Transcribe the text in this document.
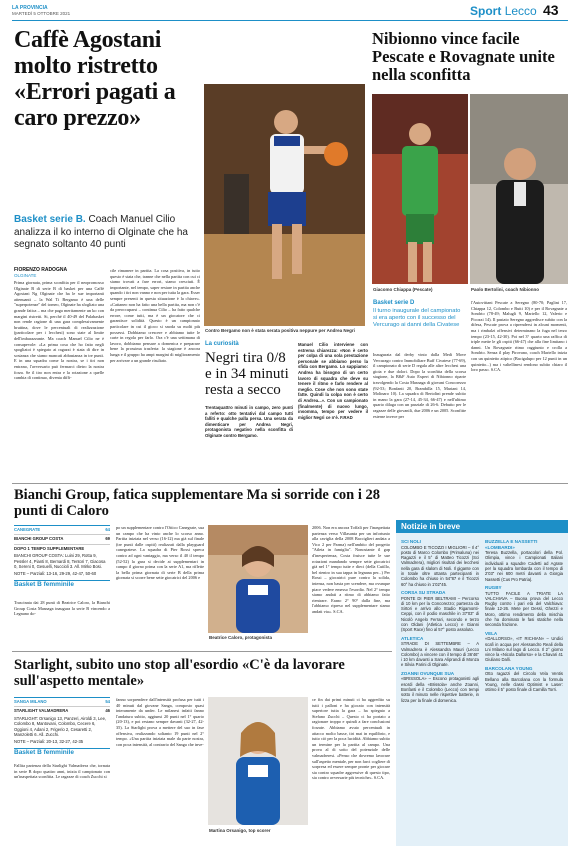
LA PROVINCIA
MARTEDÌ 5 OTTOBRE 2021	Sport Lecco 43
Caffè Agostani molto ristretto «Errori pagati a caro prezzo»
Basket serie B. Coach Manuel Cilio analizza il ko interno di Olginate che ha segnato soltanto 40 punti
FIORENZO RADOGNA
OLGINATE
Prima giornata, prima sconfitta per il neopromosso Olginate B di serie B di basket per una Caffè Agostani Ng Olginate che ha le sue importanti attenuanti – la Wal Ti Bergamo è una delle "superpotenze" del torneo, Olginate ha sfogliato una grande fatica – ma che paga meritamente un ko con margini ristretti. Si, perché il 40-49 del Palabasket non rende ragione di una gara complessivamente bruttina, dove le percentuali di realizzazione (particolare per i lecchesi) sono state al limite dell'imbarazzante. Ma coach Manuel Cilio ne è consapevole: «La prima cosa che ho fatto negli spogliatoi è spiegato ai ragazzi è stata di dire in sostanza che siamo mancati abbastanza in tre punti. E in una squadra come la nostra, se i tiri non entrano, l'avversario può fermarci dietro la nostra forza. Se il tiro non entra e la rotazione a quelle cambia di continuo, diventa diffi-
cile rimanere in partita. La cosa positiva, in tutto questo è stata che, tranne che nella partita con cui ci siamo trovati a fare errori, siamo cresciuti. È importante, nel tempo, saper restare in partita anche quando i tiri non vanno e non per tutta la gara. Esser sempre presenti in questa situazione è la chiave». «Cattaneo non ha fatto una bella partita, ma non c'è da preoccuparsi – continua Cilio – ha fatto qualche errore, come tutti, ma è un giocatore che ci garantisce solidità. Questo è un campionato particolare in cui il gioco si snoda su molti più possessi. Dobbiamo crescere e abbiamo tutte le carte in regola per farlo. Ora c'è una settimana di lavoro, dobbiamo pensare a domenica e preparare bene la prossima trasferta: la stagione è ancora lunga e il gruppo ha ampi margini di miglioramento per arrivare a un grande risultato.
Contro Bergamo non è stata serata positiva neppure per Andrea Negri
La curiosità
Negri tira 0/8 e in 34 minuti resta a secco
Trentaquattro minuti in campo, zero punti a referto: otto tentativi dal campo tutti falliti e qualche palla persa. Una serata da dimenticare per Andrea Negri, protagonista negativo nella sconfitta di Olginate contro Bergamo.
Manuel Cilio interviene con estrema chiarezza: «Non è certo per colpa di una sola prestazione personale se abbiamo perso la sfida con Bergamo. Lo sappiamo: Andrea ha bisogno di un certo lavoro di squadra che deve su tenere il ritmo e farlo rendere al meglio. Cose che non sono state fatte. Quindi la colpa non è certo di Andrea...». Con un campionato (finalmente) di nuovo lungo, insomma, tempo per vedere il miglior Negri ce n'è. F.RAD
Nibionno vince facile Pescate e Rovagnate unite nella sconfitta
Giacomo Chiappa (Pescate)	Paolo Bertolini, coach Nibionno
Basket serie D
Il turno inaugurale del campionato si era aperto con il successo del Vercurago ai danni della Civatese
Inaugurata dal derby vinto dalla Medi Move Vercurago contro Immobiliare Buff Civatese (77-69), il campionato di serie D regala alle altre lecchesi una gioia e due dolori. Dopo la sconfitta della scorsa stagione, la B&F Auto Expert di Nibionno riparte travolgendo la Costa Masnaga di giovani Concorezzo (92-53; Bonfanti 20, Brambilla 15, Mariani 14, Molinaro 10). La squadra di Bertolini prende subito in mano la gara (27-14, 45-34, 66-47) e nell'ultimo quarto dilaga con un parziale di 26-6. Debutto per le ragazze delle giovanili, due 2006 e un 2005. Sconfitte esterne invece per
l'Autovittani Pescate a Seregno (80-70; Paglini 17, Chiappa 12, Colombo e Butti 10) e per il Rovagnate a Sondrio (78-49; Malugli 9, Mariello 12, Valerio e Picozzi 14). Il pastato Seregno aggredisce subito con la difesa, Pescate prova a riprendersi in alcuni momenti, ma i rimbalzi offensivi determinano la fuga nel terzo tempo (23-15, 42-30). Poi nel 3° quarto una raffica di triple mette le gli ospiti (66-47) che alla fine limitano i danni. Un Rovagnate ritmo raggiunto e crolla a Sondrio. Senza il play Pirovano, coach Mariello inizia con un quintetto atipico (Bacigalupo per 12 punti in un quintetto...) ma i valtellinesi rendono subito chiaro il loro passo. S.CA.
Bianchi Group, fatica supplementare Ma si sorride con i 28 punti di Caloro
CANEGRATE	64
BIANCHI GROUP COSTA	69
DOPO 1 TEMPO SUPPLEMENTARE
BIANCHI GROUP COSTA: Luini 29, Rotta 9, Pessler 4, Pianti 8, Bernardi 8, Tentori 7, Giacosa 0, Sereni 0, Gesuelli, Nuccioli 3. All. Mirko Bosi.
NOTE – Parziali: 13-16, 29-29, 42-47, 50-60
Basket B femminile
Trascinata dai 28 punti di Beatrice Caloro, la Bianchi Group Costa Masnaga inaugura la serie B vincendo a Legnano do-
po un supplementare contro l'Ottico Canegrate, sua un campo che ha vinto anche lo scorso anno. Partita iniziata nel verso (16-12) ma già sul finale (tre punti dalle ospiti) realizzati dalla playguard canegratese. La squadra di Pier Rossi spreca contro ad ogni vantaggio, ma verso il 40 il tempo (52-52) la gara si decide ai supplementari in campo il giorno prima con la serie A1, ma riflette la bella prima giornata di serie B della prima giornata si scorre bene sette giocatrici del 2006 e
Beatrice Caloro, protagonista
2006. Non era ancora Toffali per l'inaspettata partenza verso Villasanta per un infortunio alla caviglia della 2008 Bacciglieri andata a Vico 2 per Parma) nell'ambito del progetto "Atleta in famiglia". Nonostante il gap d'inesperienza, Costa fruisce tutte le sue rotazioni mandando sempre sette giocatrici già nel 1° tempo tutte e dieci (della Cutillo, bel rientro in sua tappa in legnana per...) Per Rossi – giocatrici pure contro la solida, intensa, non basta per scendere, ma ovunque piace vedere emesso l'esordio. Nel 2° tempo siamo andati a ritmo di abbiamo fatto rientrare. Erano 2° 90° dalla fine, ma l'abbiamo ripreso nel supplementare siamo andati via». S.CA.
Starlight, subito uno stop all'esordio «C'è da lavorare sull'aspetto mentale»
SANGA MILANO	54
STARLIGHT VALMADRERA	46
STARLIGHT: Orsanigo 13, Panzeri, Airoldi 3, Lee, Colombo 8, Mantovani, Colombo, Cecere 6, Oggioni 4, Adani 2, Frigerio 2, Cesaretti 2, Manzoletti 6. All. Zucchi.
NOTE – Parziali: 20-13, 32-27, 42-35
Basket B femminile
Fallita partenza della Starlight Valmadrera che, tornata in serie B dopo quattro anni, inizia il campionato con un'inaspettata sconfitta. Le ragazze di coach Zucchi si
fanno sorprendere dall'intensità profusa per tutti i 40 minuti dal giovane Sanga, composto quasi interamente da under. Le milanesi infatti fanno l'andatura subito, aggiunsi 20 punti nel 1° quarto (20-13), e poi restano sempre davanti (32-27, 42-35). La Starlight prova a mettere del suo in fase offensiva, realizzando soltanto 19 punti nel 2° tempo. «Una partita iniziata male da parte nostra, con poca intensità, al contrario del Sanga che inve-
Martina Orsanigo, top scorer
ce fin dai primi minuti ci ha aggredito su tutti i palloni e ha giocato con intensità superiore tutta la gara – ha spiegato a Stefano Zucchi – Questo ci ha portato a ragionare troppo e quindi a fare conclusioni forzate. Abbiamo avuto percentuali in attacco molto basse, tiri mai in equilibrio, e tutto ciò per la poca lucidità. Abbiamo subito un termine per la partita al campo. Una prova al di sotto del potenziale delle valmadreresi. «Penso che dovremo lavorare sull'aspetto mentale, per non farci cogliere di sorpresa ed essere sempre pronte per giocare sia contro squadre aggressive di questo tipo, sia contro avversarie più tecniche». S.CA.
Notizie in breve
SCI NOLI
COLOMBO E TICOZZI I MIGLIORI – Il 4° posto di Marco Colombo (Primaluna) nei Ragazzi e il 5° di Matteo Ticozzi (Sci Valmadrera), migliori risultati dei lecchesi nella gara di slalom di Noli. Il gigante con in totale oltre ottanta partecipanti in Colombo ha chiuso in 54"87 e il Ticozzi 60° ha chiuso in 1'02"45.
CORSA SU STRADA
PONTE DI PIER BELTRAMI – Percorso di 10 km per la Concorezzo; partenza da Sirtori e arrivo allo Stadio Rigamonti-Ceppi, con il podio maschile in 37'03" di Nicolò Angelo Ferrari, secondo e terzo con Oldani (Atletica Lecco) e Gianni (Sport Race) fino al 57° posto assoluto.
ATLETICA
STRADE DI SETTEMBRE – A Valmadrera è Alessandra Mauri (Lecco Colombo) a vincere con il tempo di 36'46" i 10 km davanti a Sara Aliprandi di Monza e Silvia Parini di Olginate.
ZOANNI OVUNQUE SUA
«BRISSOLA» – Escono protagonisti agli esordi della «Brissola» anche Zoanni, Bonfanti e il Colombo (Lecco) con tempi sotto il minuto nelle rispettive batterie, in lizza per la finale di domenica.
BUZZELLA E NASSETTI «LOMBARDI»
Teresa Buzzella, portacolori della Pol. Olimpia, vince i Campionati Italiani individuali a squadre Cadetti ad Agrate per la squadra lombarda con il tempo di 2'03" nei 600 metri davanti a Giorgia Nassetti (Cus Pro Patria).
RUGBY
TUTTO FACILE A TRIATE LA VALCHIAVA – Buona prova del Lecco Rugby contro i pari età del Valchiava: finale 12-26. Mete per Dessì, Ghezzi e Moro, ottimo rendimento della mischia che ha dominato le fasi statiche nella seconda frazione.
VELA
«DALLORSO», «IT RICHIAN» – Undici scafi in acqua per Alessandro Reali della Lni Milano sul lago di Lecco. Il 2° giorno vince la «Nicola Dallorso» e la Chavari 41 Giuliano Dalli.
BARCOLANA YOUNG
Otto ragazzi del Circolo Vela Ventis Bellano alla Barcolana con la formula Young, nelle classi Optimist e Laser: ottimo il 5° posto finale di Camilla Torri.
